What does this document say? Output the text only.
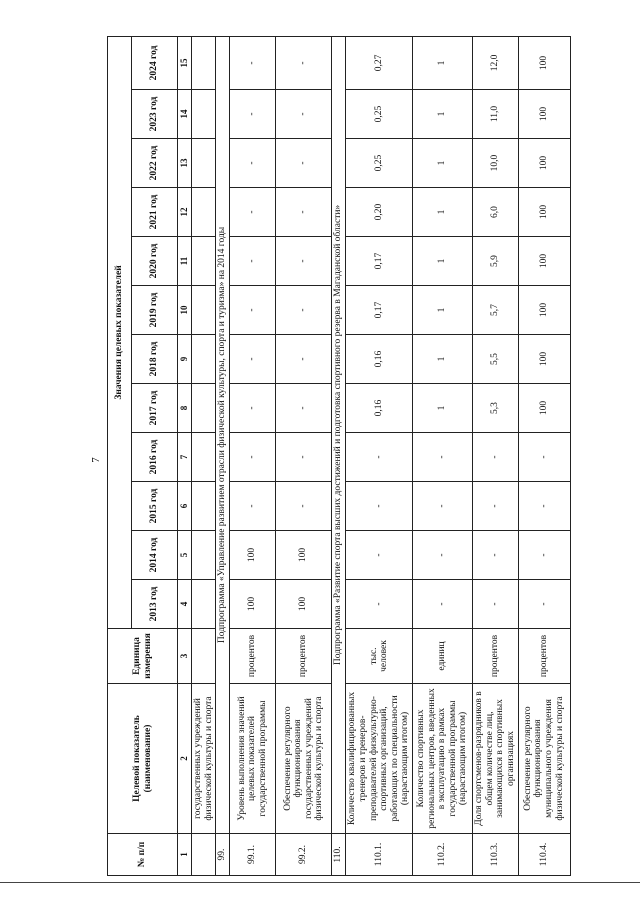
7
№ п/п	Целевой показатель (наименование)	Единица измерения	Значения целевых показателей											
			2013 год	2014 год	2015 год	2016 год	2017 год	2018 год	2019 год	2020 год	2021 год	2022 год	2023 год	2024 год
1	2	3	4	5	6	7	8	9	10	11	12	13	14	15
	государственных учреждений физической культуры и спорта													
99.	Подпрограмма «Управление развитием отрасли физической культуры, спорта и туризма» на 2014 годы													
99.1.	Уровень выполнения значений целевых показателей государственной программы	процентов	100	100	-	-	-	-	-	-	-	-	-	-
99.2.	Обеспечение регулярного функционирования государственных учреждений физической культуры и спорта	процентов	100	100	-	-	-	-	-	-	-	-	-	-
110.	Подпрограмма «Развитие спорта высших достижений и подготовка спортивного резерва в Магаданской области»													
110.1.	Количество квалифицированных тренеров и тренеров-преподавателей физкультурно-спортивных организаций, работающих по специальности (нарастающим итогом)	тыс. человек	-	-	-	-	0,16	0,16	0,17	0,17	0,20	0,25	0,25	0,27
110.2.	Количество спортивных региональных центров, введенных в эксплуатацию в рамках государственной программы (нарастающим итогом)	единиц	-	-	-	-	1	1	1	1	1	1	1	1
110.3.	Доля спортсменов-разрядников в общем количестве лиц, занимающихся в спортивных организациях	процентов	-	-	-	-	5,3	5,5	5,7	5,9	6,0	10,0	11,0	12,0
110.4.	Обеспечение регулярного функционирования муниципального учреждения физической культуры и спорта	процентов	-	-	-	-	100	100	100	100	100	100	100	100
